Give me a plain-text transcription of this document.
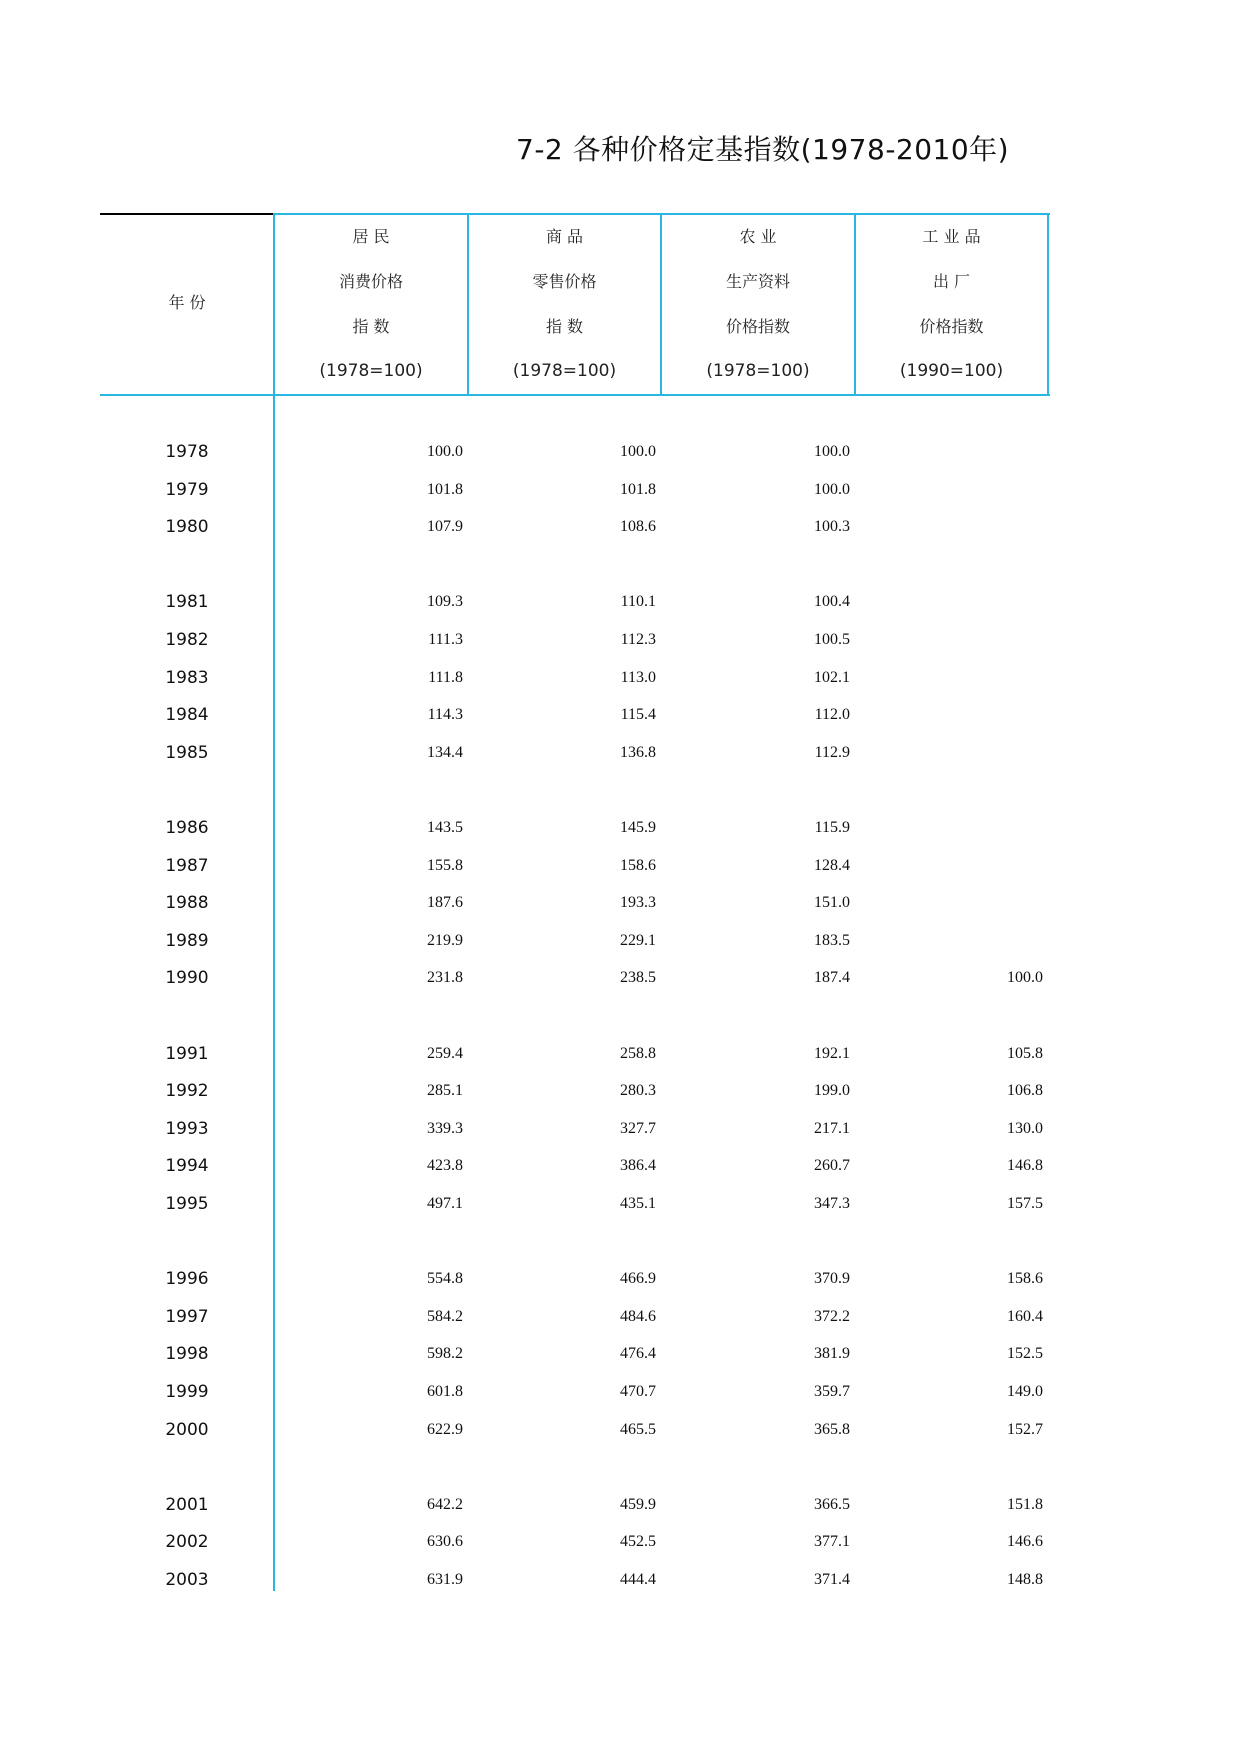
7-2 各种价格定基指数(1978-2010年)
年 份
居 民
消费价格
指 数
(1978=100)
商 品
零售价格
指 数
(1978=100)
农 业
生产资料
价格指数
(1978=100)
工 业 品
出 厂
价格指数
(1990=100)
1978	100.0	100.0	100.0
1979	101.8	101.8	100.0
1980	107.9	108.6	100.3
1981	109.3	110.1	100.4
1982	111.3	112.3	100.5
1983	111.8	113.0	102.1
1984	114.3	115.4	112.0
1985	134.4	136.8	112.9
1986	143.5	145.9	115.9
1987	155.8	158.6	128.4
1988	187.6	193.3	151.0
1989	219.9	229.1	183.5
1990	231.8	238.5	187.4	100.0
1991	259.4	258.8	192.1	105.8
1992	285.1	280.3	199.0	106.8
1993	339.3	327.7	217.1	130.0
1994	423.8	386.4	260.7	146.8
1995	497.1	435.1	347.3	157.5
1996	554.8	466.9	370.9	158.6
1997	584.2	484.6	372.2	160.4
1998	598.2	476.4	381.9	152.5
1999	601.8	470.7	359.7	149.0
2000	622.9	465.5	365.8	152.7
2001	642.2	459.9	366.5	151.8
2002	630.6	452.5	377.1	146.6
2003	631.9	444.4	371.4	148.8
